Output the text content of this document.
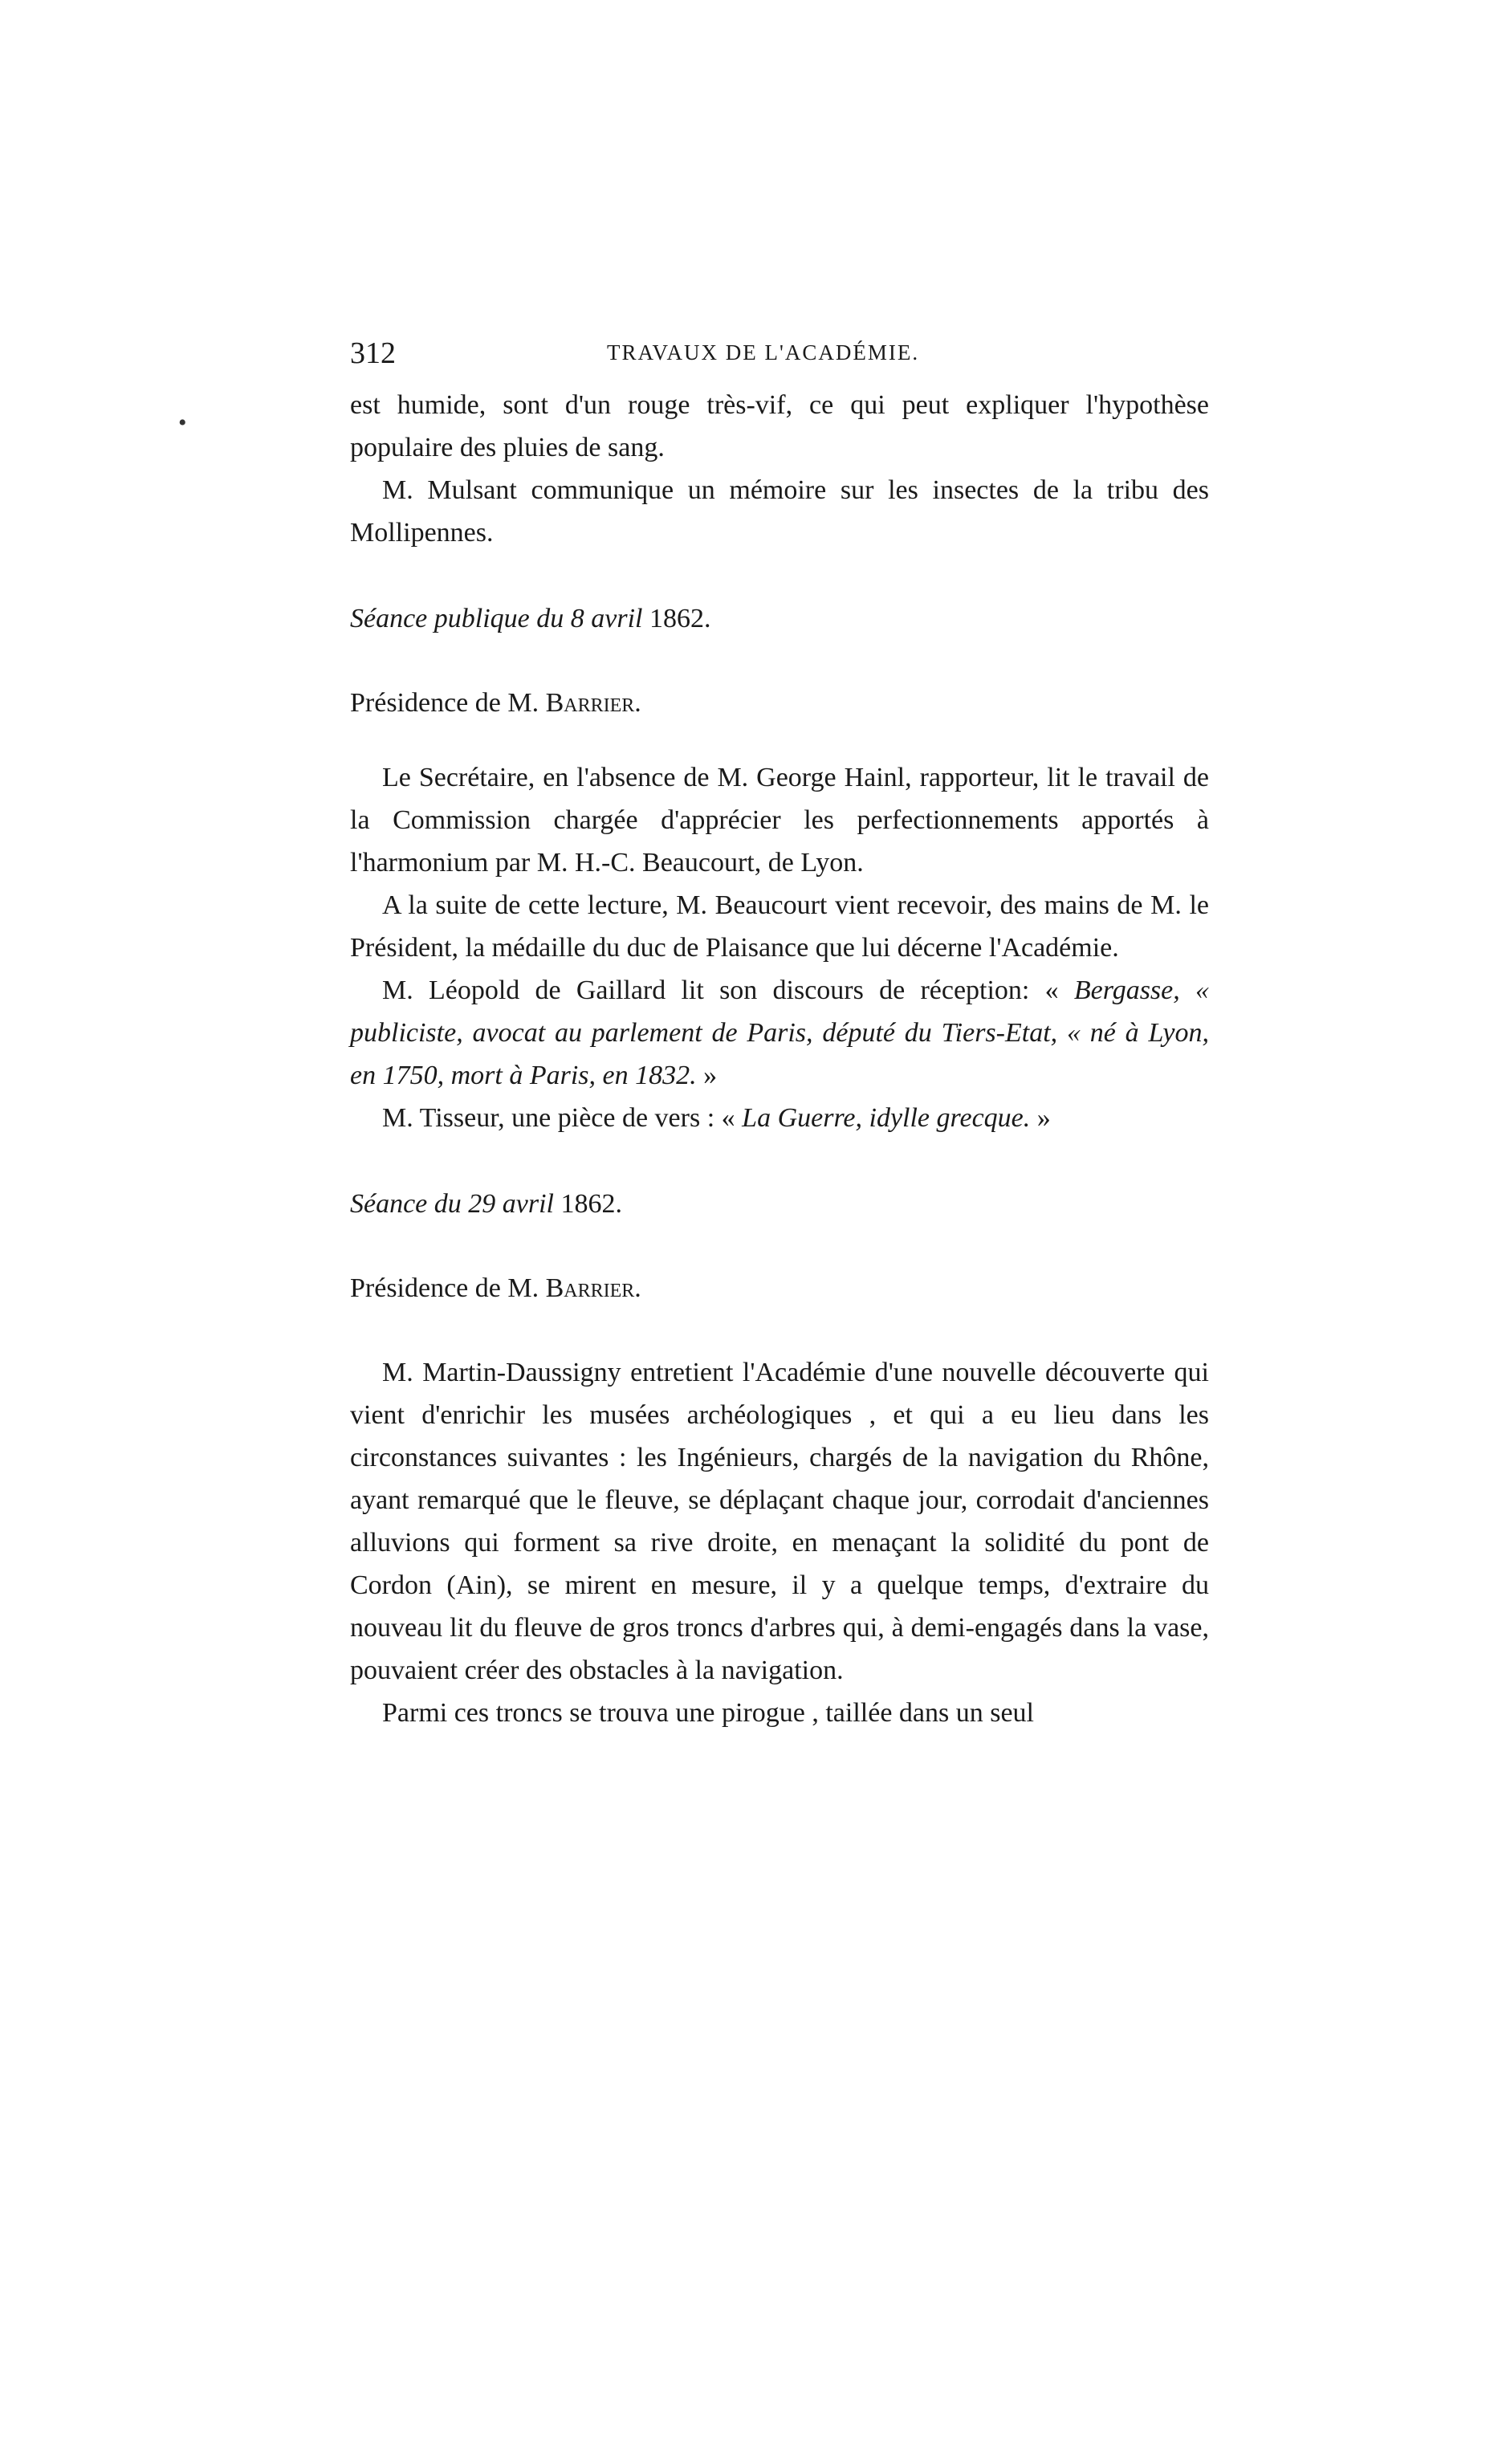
•
312	TRAVAUX DE L'ACADÉMIE.

est humide, sont d'un rouge très-vif, ce qui peut expliquer l'hypothèse populaire des pluies de sang.

M. Mulsant communique un mémoire sur les insectes de la tribu des Mollipennes.

Séance publique du 8 avril 1862.

Présidence de M. Barrier.

Le Secrétaire, en l'absence de M. George Hainl, rapporteur, lit le travail de la Commission chargée d'apprécier les perfectionnements apportés à l'harmonium par M. H.-C. Beaucourt, de Lyon.

A la suite de cette lecture, M. Beaucourt vient recevoir, des mains de M. le Président, la médaille du duc de Plaisance que lui décerne l'Académie.

M. Léopold de Gaillard lit son discours de réception: « Bergasse, « publiciste, avocat au parlement de Paris, député du Tiers-Etat, « né à Lyon, en 1750, mort à Paris, en 1832. »

M. Tisseur, une pièce de vers : « La Guerre, idylle grecque. »

Séance du 29 avril 1862.

Présidence de M. Barrier.

M. Martin-Daussigny entretient l'Académie d'une nouvelle découverte qui vient d'enrichir les musées archéologiques , et qui a eu lieu dans les circonstances suivantes : les Ingénieurs, chargés de la navigation du Rhône, ayant remarqué que le fleuve, se déplaçant chaque jour, corrodait d'anciennes alluvions qui forment sa rive droite, en menaçant la solidité du pont de Cordon (Ain), se mirent en mesure, il y a quelque temps, d'extraire du nouveau lit du fleuve de gros troncs d'arbres qui, à demi-engagés dans la vase, pouvaient créer des obstacles à la navigation.

Parmi ces troncs se trouva une pirogue , taillée dans un seul
